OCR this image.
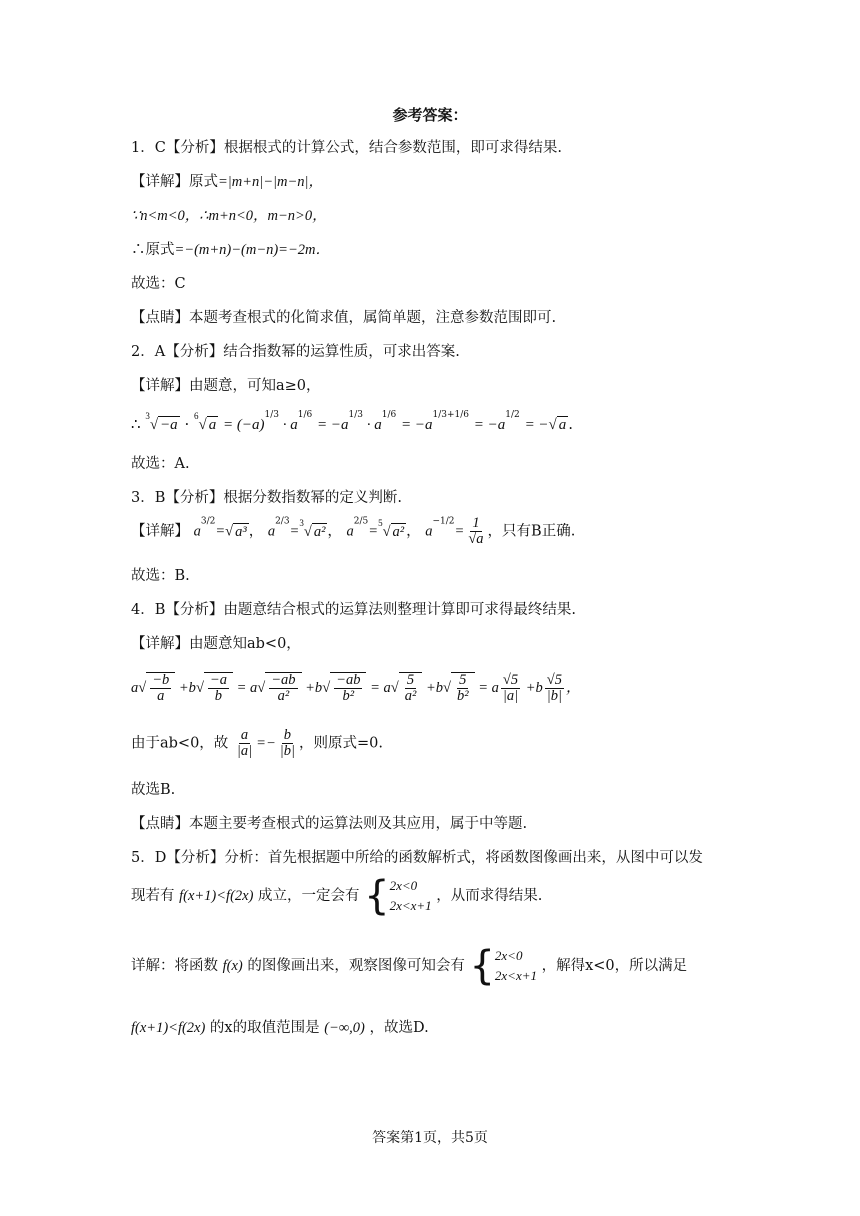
参考答案：
1．C【分析】根据根式的计算公式，结合参数范围，即可求得结果.
【详解】原式=|m+n|−|m−n|，
∵n<m<0，∴m+n<0，m−n>0，
∴原式=−(m+n)−(m−n)=−2m．
故选：C
【点睛】本题考查根式的化简求值，属简单题，注意参数范围即可.
2．A【分析】结合指数幂的运算性质，可求出答案.
【详解】由题意，可知a≥0，
∴ $^3$√ −a · $^6$√ $a = (-a)^{1/3} \cdot a^{1/6} = -a^{1/3} \cdot a^{1/6} = -a^{1/3+1/6} = -a^{1/2}$ = −√ a .
故选：A.
3．B【分析】根据分数指数幂的定义判断.
【详解】 $a^{3/2}=√$ a³ ， $a^{2/3}=^3√$ a² ， $a^{2/5}=^5√$ a² ， $a^{-1/2}= \frac{1}{√a}$ ，只有B正确.
故选：B.
4．B【分析】由题意结合根式的运算法则整理计算即可求得最终结果.
【详解】由题意知ab<0，
$a√ \frac{-b}{a} +b√ \frac{-a}{b} = a√ \frac{-ab}{\text{a²}} +b√ \frac{-ab}{\text{b²}} = a√ \frac{5}{\text{a²}} +b√ \frac{5}{\text{b²}} = a \frac{√5}{|a|} +b \frac{√5}{|b|}$ ，
由于ab<0，故 $\frac{a}{|a|} =- \frac{b}{|b|}$ ，则原式=0.
故选B.
【点睛】本题主要考查根式的运算法则及其应用，属于中等题.
5．D【分析】分析：首先根据题中所给的函数解析式，将函数图像画出来，从图中可以发
现若有 f(x+1)<f(2x) 成立，一定会有 { 2x<0
2x<x+1
，从而求得结果.
详解：将函数 f(x) 的图像画出来，观察图像可知会有 { 2x<0
2x<x+1
，解得x<0，所以满足
f(x+1)<f(2x) 的x的取值范围是 (−∞,0) ，故选D.
答案第1页，共5页
